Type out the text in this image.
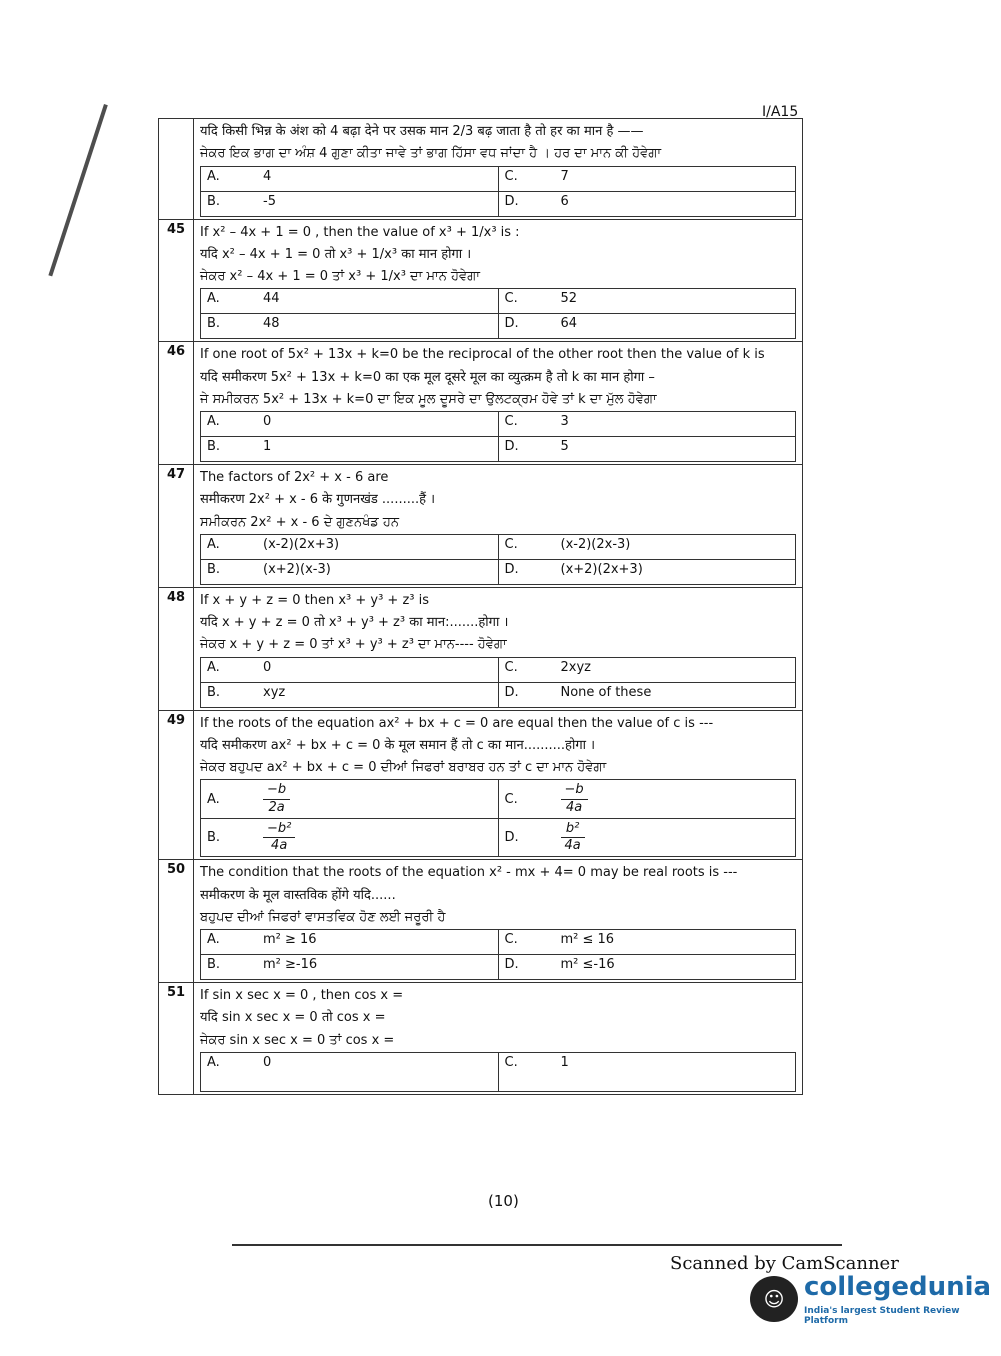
I/A15

यदि किसी भिन्न के अंश को 4 बढ़ा देने पर उसक मान 2/3 बढ़ जाता है तो हर का मान है ——
ਜੇਕਰ ਇਕ ਭਾਗ ਦਾ ਅੰਸ਼ 4 ਗੁਣਾ ਕੀਤਾ ਜਾਵੇ ਤਾਂ ਭਾਗ ਹਿੱਸਾ ਵਧ ਜਾਂਦਾ ਹੈ । ਹਰ ਦਾ ਮਾਨ ਕੀ ਹੋਵੇਗਾ
A.	4	C.	7
B.	-5	D.	6

45	If x² – 4x + 1 = 0 , then the value of x³ + 1/x³ is :
यदि x² – 4x + 1 = 0 तो x³ + 1/x³ का मान होगा ।
ਜੇਕਰ x² – 4x + 1 = 0 ਤਾਂ x³ + 1/x³ ਦਾ ਮਾਨ ਹੋਵੇਗਾ
A.	44	C.	52
B.	48	D.	64

46	If one root of 5x² + 13x + k=0 be the reciprocal of the other root then the value of k is
यदि समीकरण 5x² + 13x + k=0 का एक मूल दूसरे मूल का व्युत्क्रम है तो k का मान होगा –
ਜੇ ਸਮੀਕਰਨ 5x² + 13x + k=0 ਦਾ ਇਕ ਮੂਲ ਦੂਸਰੇ ਦਾ ਉਲਟਕ੍ਰਮ ਹੋਵੇ ਤਾਂ k ਦਾ ਮੁੱਲ ਹੋਵੇਗਾ
A.	0	C.	3
B.	1	D.	5

47	The factors of 2x² + x - 6 are
समीकरण 2x² + x - 6 के गुणनखंड .........हैं ।
ਸਮੀਕਰਨ 2x² + x - 6 ਦੇ ਗੁਣਨਖੰਡ ਹਨ
A.	(x-2)(2x+3)	C.	(x-2)(2x-3)
B.	(x+2)(x-3)	D.	(x+2)(2x+3)

48	If x + y + z = 0 then x³ + y³ + z³ is
यदि x + y + z = 0 तो x³ + y³ + z³ का मान:.......होगा ।
ਜੇਕਰ x + y + z = 0 ਤਾਂ x³ + y³ + z³ ਦਾ ਮਾਨ---- ਹੋਵੇਗਾ
A.	0	C.	2xyz
B.	xyz	D.	None of these

49	If the roots of the equation ax² + bx + c = 0 are equal then the value of c is ---
यदि समीकरण ax² + bx + c = 0 के मूल समान हैं तो c का मान..........होगा ।
ਜੇਕਰ ਬਹੁਪਦ ax² + bx + c = 0 ਦੀਆਂ ਜਿਫਰਾਂ ਬਰਾਬਰ ਹਨ ਤਾਂ c ਦਾ ਮਾਨ ਹੋਵੇਗਾ
A.	$\frac{-b}{2a}$	C.	$\frac{-b}{4a}$

B.	$\frac{\text{−b²}}{4a}$	D.	$\frac{\text{b²}}{4a}$

50	The condition that the roots of the equation x² - mx + 4= 0 may be real roots is ---
समीकरण के मूल वास्तविक होंगे यदि......
ਬਹੁਪਦ ਦੀਆਂ ਜਿਫਰਾਂ ਵਾਸਤਵਿਕ ਹੋਣ ਲਈ ਜਰੂਰੀ ਹੈ
A.	m² ≥ 16	C.	m² ≤ 16
B.	m² ≥-16	D.	m² ≤-16

51	If sin x sec x = 0 , then cos x =
यदि sin x sec x = 0 तो cos x =
ਜੇਕਰ sin x sec x = 0 ਤਾਂ cos x =
A.	0	C.	1
(10)
Scanned by CamScanner
☺ collegedunia
India's largest Student Review Platform
